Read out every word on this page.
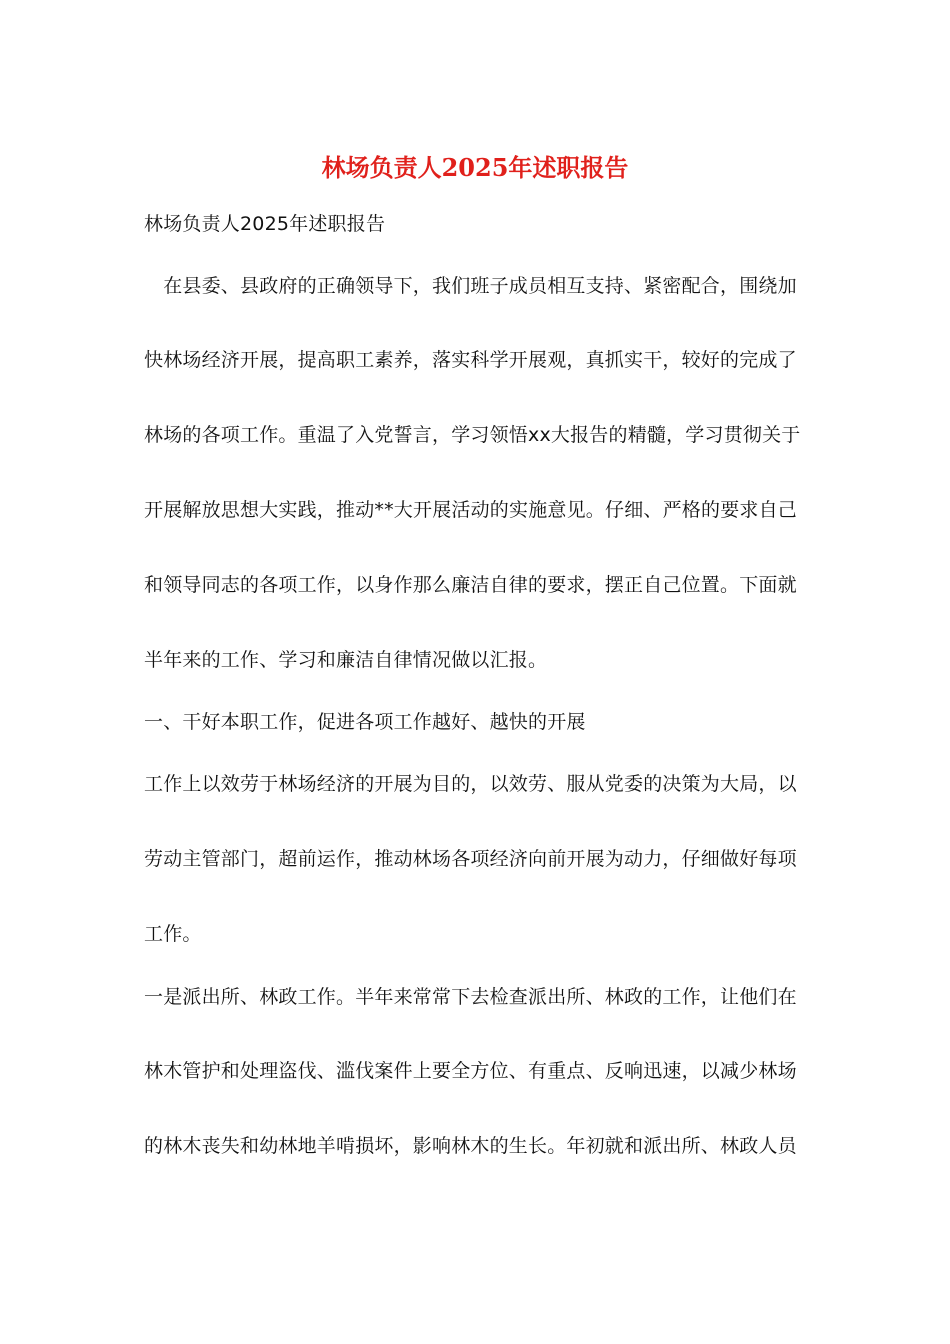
林场负责人2025年述职报告
林场负责人2025年述职报告
　在县委、县政府的正确领导下，我们班子成员相互支持、紧密配合，围绕加
快林场经济开展，提高职工素养，落实科学开展观，真抓实干，较好的完成了
林场的各项工作。重温了入党誓言，学习领悟xx大报告的精髓，学习贯彻关于
开展解放思想大实践，推动**大开展活动的实施意见。仔细、严格的要求自己
和领导同志的各项工作，以身作那么廉洁自律的要求，摆正自己位置。下面就
半年来的工作、学习和廉洁自律情况做以汇报。
一、干好本职工作，促进各项工作越好、越快的开展
工作上以效劳于林场经济的开展为目的，以效劳、服从党委的决策为大局，以
劳动主管部门，超前运作，推动林场各项经济向前开展为动力，仔细做好每项
工作。
一是派出所、林政工作。半年来常常下去检查派出所、林政的工作，让他们在
林木管护和处理盗伐、滥伐案件上要全方位、有重点、反响迅速，以减少林场
的林木丧失和幼林地羊啃损坏，影响林木的生长。年初就和派出所、林政人员
